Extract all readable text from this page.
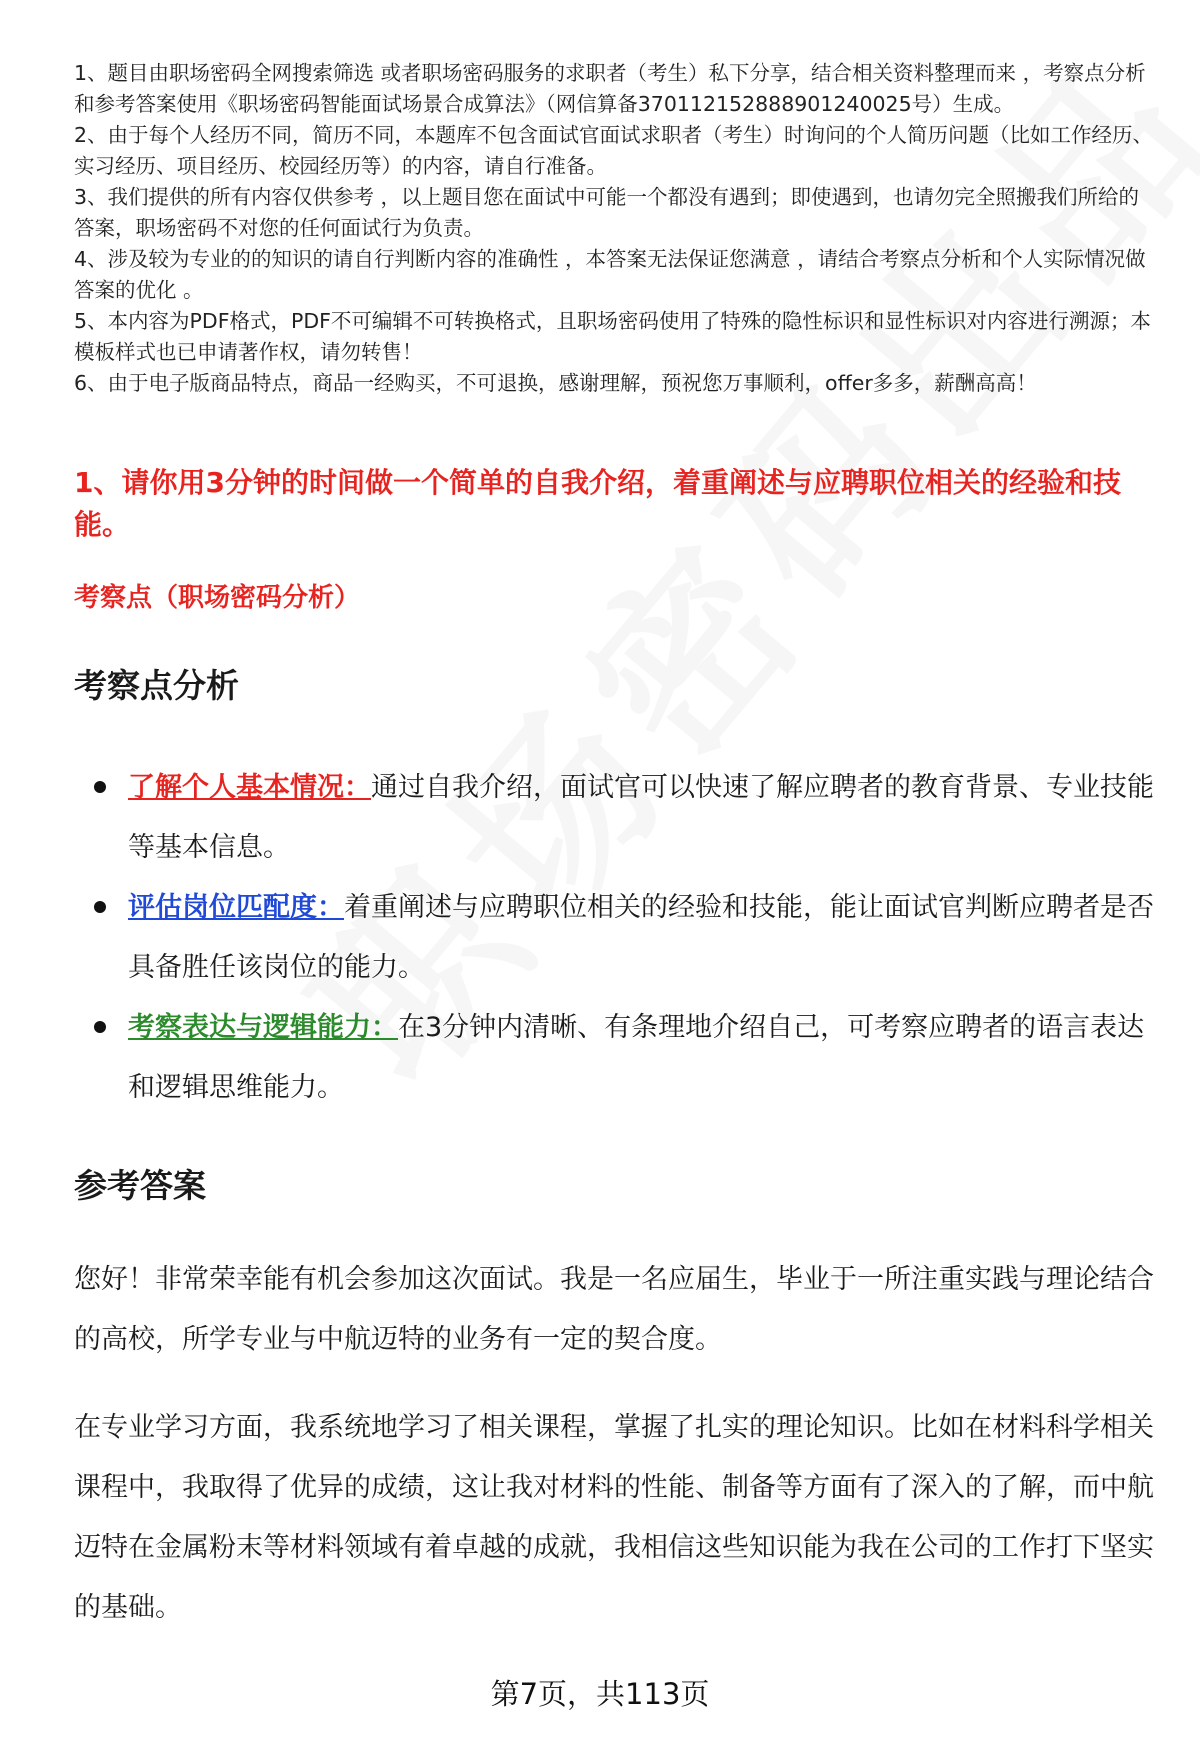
1、题目由职场密码全网搜索筛选 或者职场密码服务的求职者（考生）私下分享，结合相关资料整理而来 ，考察点分析和参考答案使用《职场密码智能面试场景合成算法》（网信算备370112152888901240025号）生成。

2、由于每个人经历不同，简历不同，本题库不包含面试官面试求职者（考生）时询问的个人简历问题（比如工作经历、实习经历、项目经历、校园经历等）的内容，请自行准备。

3、我们提供的所有内容仅供参考 ，以上题目您在面试中可能一个都没有遇到；即使遇到，也请勿完全照搬我们所给的答案，职场密码不对您的任何面试行为负责。

4、涉及较为专业的的知识的请自行判断内容的准确性 ，本答案无法保证您满意 ，请结合考察点分析和个人实际情况做答案的优化 。

5、本内容为PDF格式，PDF不可编辑不可转换格式，且职场密码使用了特殊的隐性标识和显性标识对内容进行溯源；本模板样式也已申请著作权，请勿转售！

6、由于电子版商品特点，商品一经购买，不可退换，感谢理解，预祝您万事顺利，offer多多，薪酬高高！

1、请你用3分钟的时间做一个简单的自我介绍，着重阐述与应聘职位相关的经验和技能。
考察点（职场密码分析）
考察点分析
了解个人基本情况：通过自我介绍，面试官可以快速了解应聘者的教育背景、专业技能等基本信息。
评估岗位匹配度：着重阐述与应聘职位相关的经验和技能，能让面试官判断应聘者是否具备胜任该岗位的能力。
考察表达与逻辑能力：在3分钟内清晰、有条理地介绍自己，可考察应聘者的语言表达和逻辑思维能力。
参考答案

您好！非常荣幸能有机会参加这次面试。我是一名应届生，毕业于一所注重实践与理论结合的高校，所学专业与中航迈特的业务有一定的契合度。

在专业学习方面，我系统地学习了相关课程，掌握了扎实的理论知识。比如在材料科学相关课程中，我取得了优异的成绩，这让我对材料的性能、制备等方面有了深入的了解，而中航迈特在金属粉末等材料领域有着卓越的成就，我相信这些知识能为我在公司的工作打下坚实的基础。

第7页，共113页
